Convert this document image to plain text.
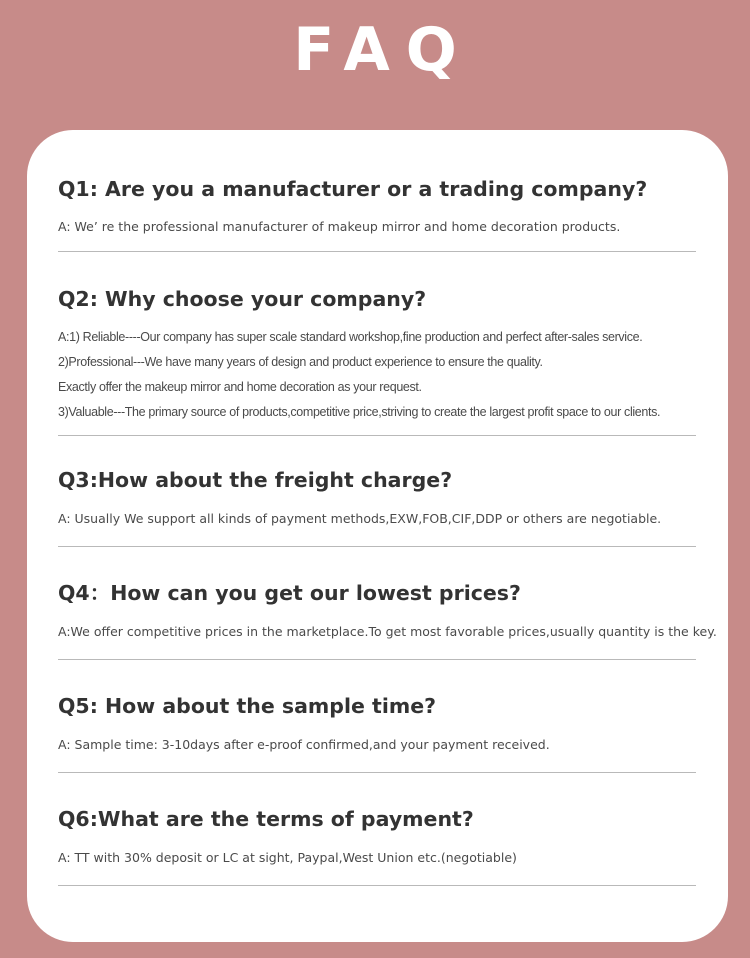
FAQ
Q1: Are you a manufacturer or a trading company?

A: We’ re the professional manufacturer of makeup mirror and home decoration products.

Q2: Why choose your company?

A:1) Reliable----Our company has super scale standard workshop,fine production and perfect after-sales service.

2)Professional---We have many years of design and product experience to ensure the quality.

Exactly offer the makeup mirror and home decoration as your request.

3)Valuable---The primary source of products,competitive price,striving to create the largest profit space to our clients.

Q3:How about the freight charge?

A: Usually We support all kinds of payment methods,EXW,FOB,CIF,DDP or others are negotiable.

Q4：How can you get our lowest prices?

A:We offer competitive prices in the marketplace.To get most favorable prices,usually quantity is the key.

Q5: How about the sample time?

A: Sample time: 3-10days after e-proof confirmed,and your payment received.

Q6:What are the terms of payment?

A: TT with 30% deposit or LC at sight, Paypal,West Union etc.(negotiable)
